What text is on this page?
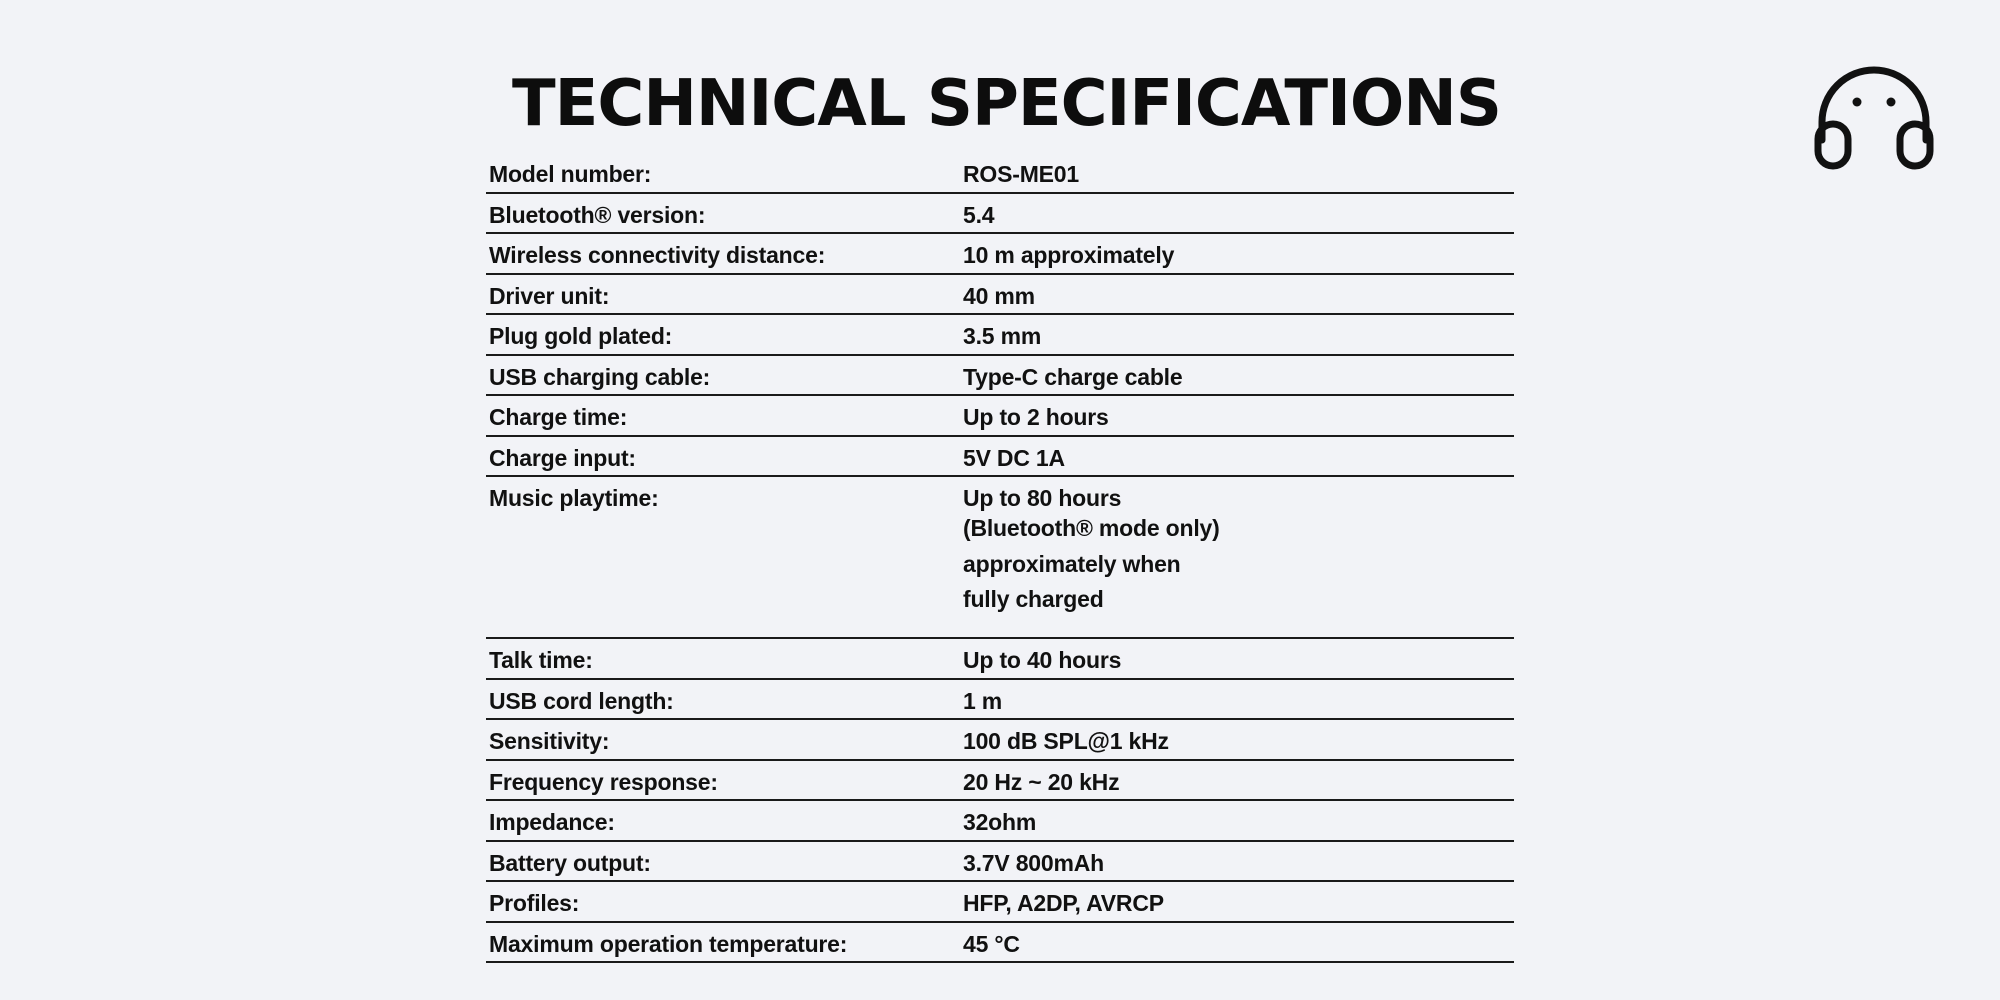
TECHNICAL SPECIFICATIONS
Model number:	ROS-ME01
Bluetooth® version:	5.4
Wireless connectivity distance:	10 m approximately
Driver unit:	40 mm
Plug gold plated:	3.5 mm
USB charging cable:	Type-C charge cable
Charge time:	Up to 2 hours
Charge input:	5V DC 1A
Music playtime:	Up to 80 hours
(Bluetooth® mode only)
approximately when
fully charged
Talk time:	Up to 40 hours
USB cord length:	1 m
Sensitivity:	100 dB SPL@1 kHz
Frequency response:	20 Hz ~ 20 kHz
Impedance:	32ohm
Battery output:	3.7V 800mAh
Profiles:	HFP, A2DP, AVRCP
Maximum operation temperature:	45 °C
